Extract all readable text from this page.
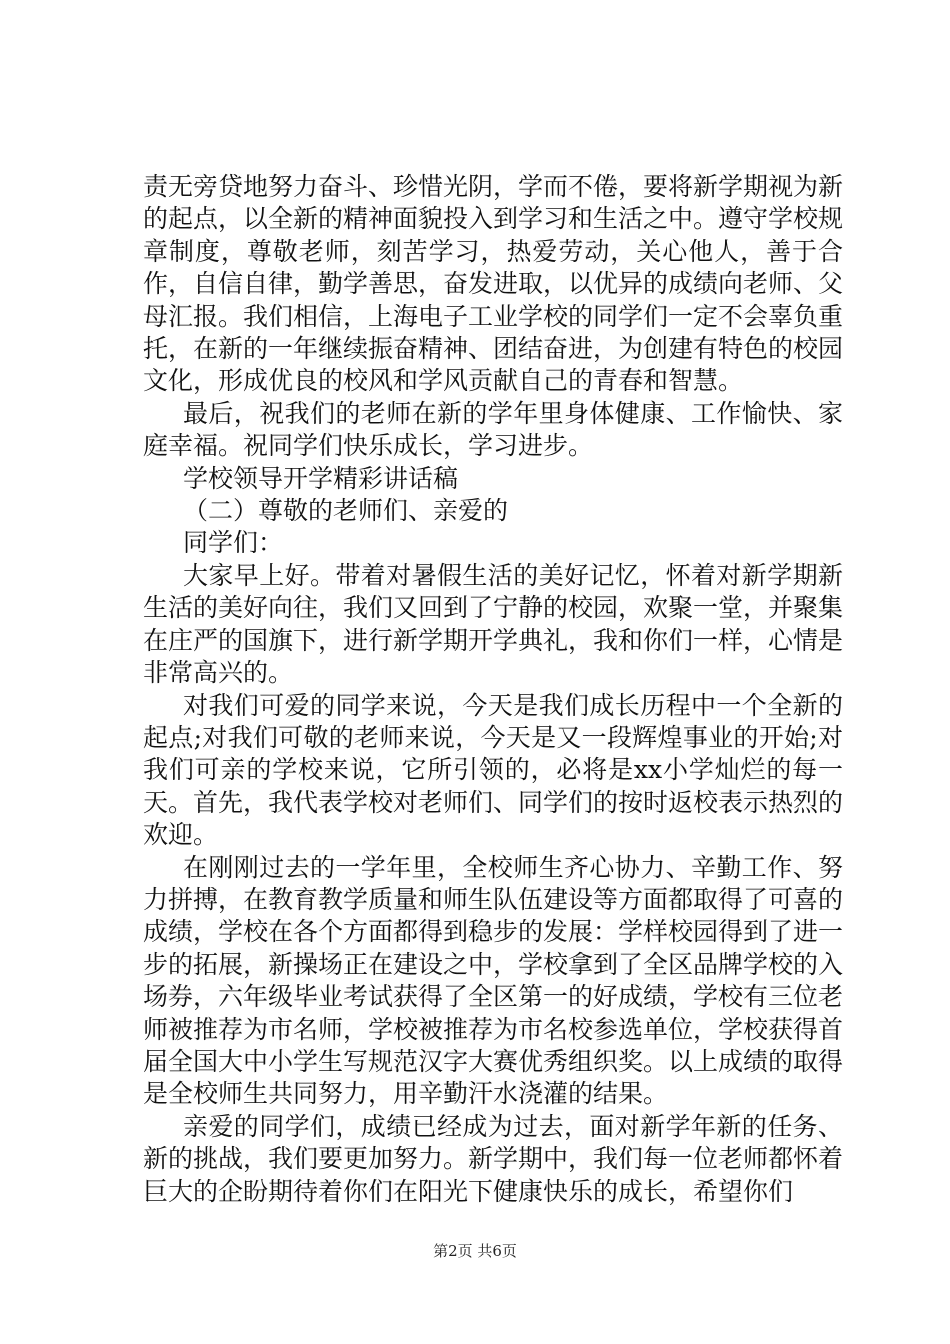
责无旁贷地努力奋斗、珍惜光阴，学而不倦，要将新学期视为新的起点，以全新的精神面貌投入到学习和生活之中。遵守学校规章制度，尊敬老师，刻苦学习，热爱劳动，关心他人，善于合作，自信自律，勤学善思，奋发进取，以优异的成绩向老师、父母汇报。我们相信，上海电子工业学校的同学们一定不会辜负重托，在新的一年继续振奋精神、团结奋进，为创建有特色的校园文化，形成优良的校风和学风贡献自己的青春和智慧。

最后，祝我们的老师在新的学年里身体健康、工作愉快、家庭幸福。祝同学们快乐成长，学习进步。

学校领导开学精彩讲话稿

（二）尊敬的老师们、亲爱的

同学们：

大家早上好。带着对暑假生活的美好记忆，怀着对新学期新生活的美好向往，我们又回到了宁静的校园，欢聚一堂，并聚集在庄严的国旗下，进行新学期开学典礼，我和你们一样，心情是非常高兴的。

对我们可爱的同学来说，今天是我们成长历程中一个全新的起点;对我们可敬的老师来说，今天是又一段辉煌事业的开始;对我们可亲的学校来说，它所引领的，必将是xx小学灿烂的每一天。首先，我代表学校对老师们、同学们的按时返校表示热烈的欢迎。

在刚刚过去的一学年里，全校师生齐心协力、辛勤工作、努力拼搏，在教育教学质量和师生队伍建设等方面都取得了可喜的成绩，学校在各个方面都得到稳步的发展：学样校园得到了进一步的拓展，新操场正在建设之中，学校拿到了全区品牌学校的入场券，六年级毕业考试获得了全区第一的好成绩，学校有三位老师被推荐为市名师，学校被推荐为市名校参选单位，学校获得首届全国大中小学生写规范汉字大赛优秀组织奖。以上成绩的取得是全校师生共同努力，用辛勤汗水浇灌的结果。

亲爱的同学们，成绩已经成为过去，面对新学年新的任务、新的挑战，我们要更加努力。新学期中，我们每一位老师都怀着巨大的企盼期待着你们在阳光下健康快乐的成长，希望你们

第2页 共6页
